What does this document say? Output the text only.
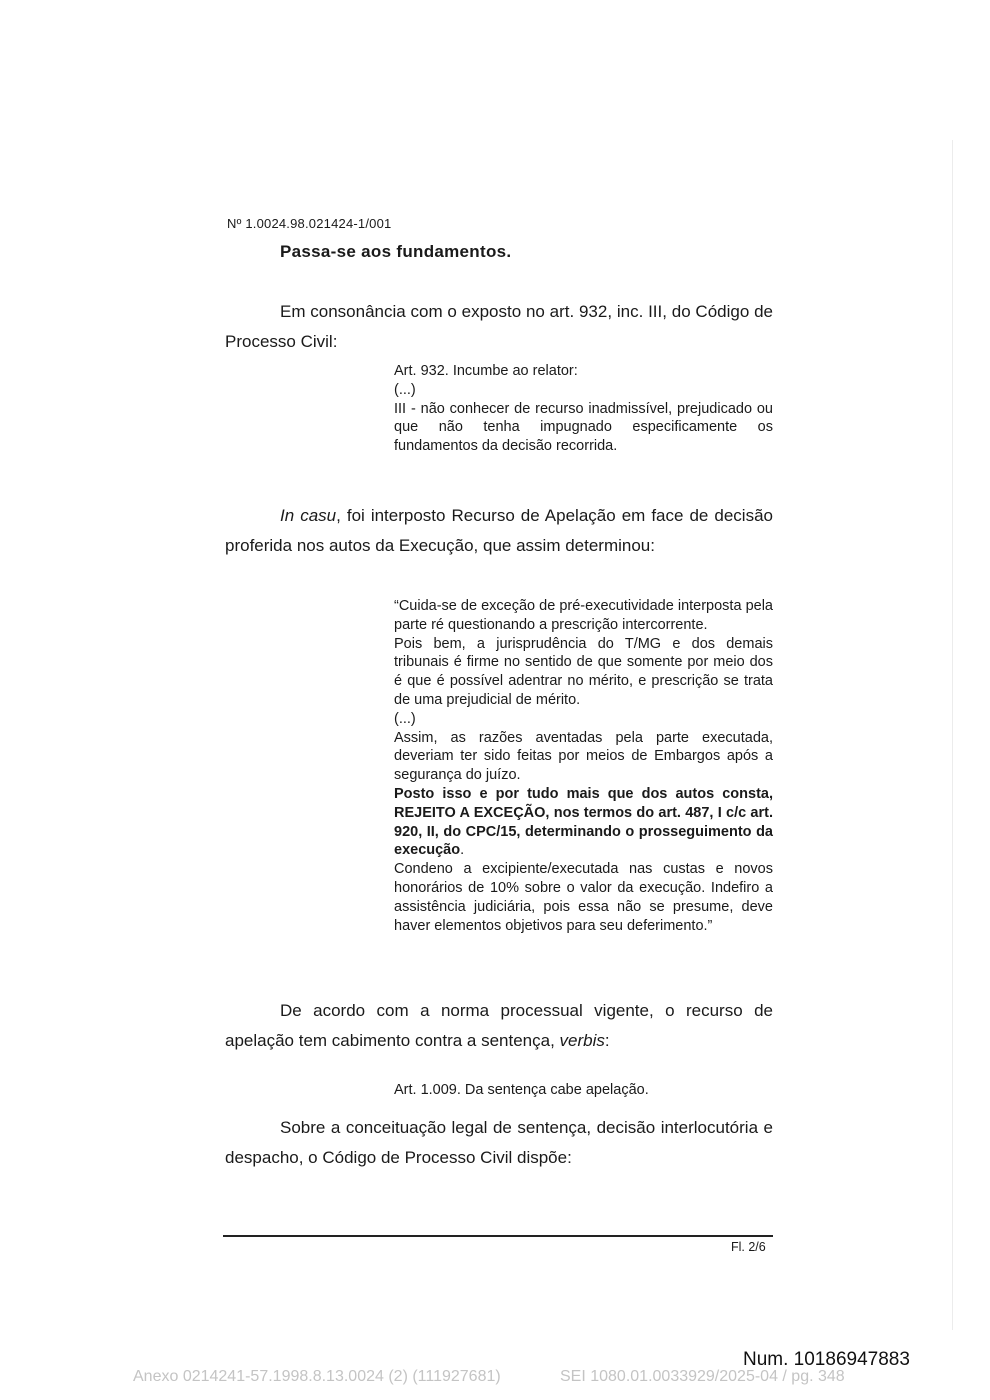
Nº 1.0024.98.021424-1/001
Passa-se aos fundamentos.
Em consonância com o exposto no art. 932, inc. III, do Código de Processo Civil:

Art. 932. Incumbe ao relator:

(...)

III - não conhecer de recurso inadmissível, prejudicado ou que não tenha impugnado especificamente os fundamentos da decisão recorrida.

In casu, foi interposto Recurso de Apelação em face de decisão proferida nos autos da Execução, que assim determinou:

“Cuida-se de exceção de pré-executividade interposta pela parte ré questionando a prescrição intercorrente.

Pois bem, a jurisprudência do T/MG e dos demais tribunais é firme no sentido de que somente por meio dos é que é possível adentrar no mérito, e prescrição se trata de uma prejudicial de mérito.

(...)

Assim, as razões aventadas pela parte executada, deveriam ter sido feitas por meios de Embargos após a segurança do juízo.

Posto isso e por tudo mais que dos autos consta, REJEITO A EXCEÇÃO, nos termos do art. 487, I c/c art. 920, II, do CPC/15, determinando o prosseguimento da execução.

Condeno a excipiente/executada nas custas e novos honorários de 10% sobre o valor da execução. Indefiro a assistência judiciária, pois essa não se presume, deve haver elementos objetivos para seu deferimento.”

De acordo com a norma processual vigente, o recurso de apelação tem cabimento contra a sentença, verbis:
Art. 1.009. Da sentença cabe apelação.
Sobre a conceituação legal de sentença, decisão interlocutória e despacho, o Código de Processo Civil dispõe:
Fl. 2/6
Num. 10186947883
Anexo 0214241-57.1998.8.13.0024 (2) (111927681)	SEI 1080.01.0033929/2025-04 / pg. 348
